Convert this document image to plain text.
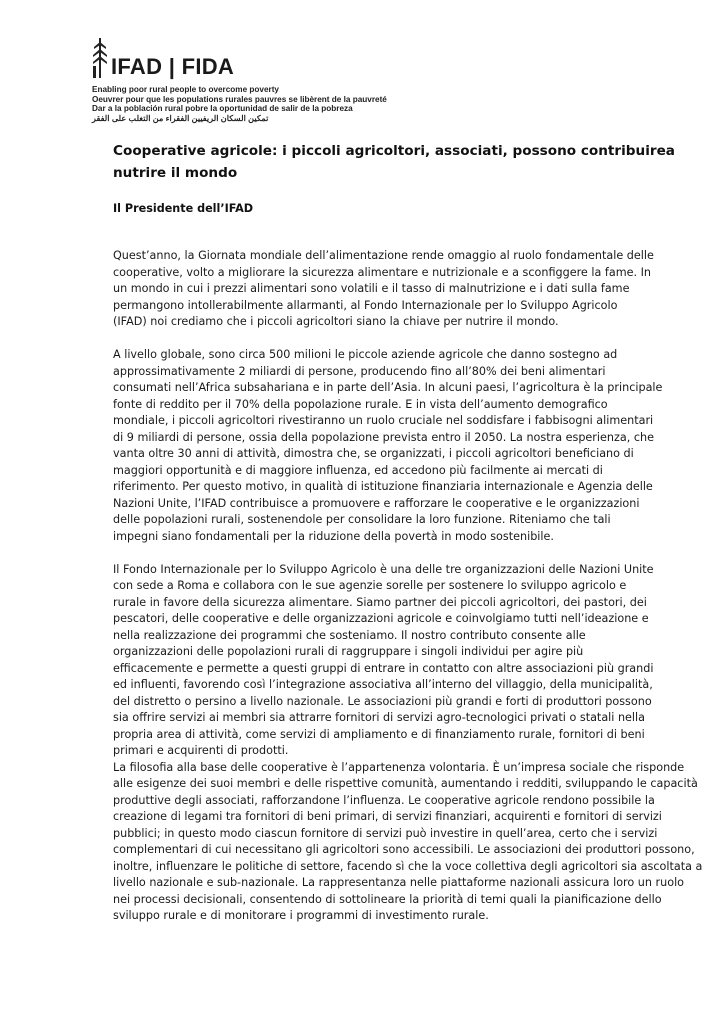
IFAD | FIDA
Enabling poor rural people to overcome poverty
Oeuvrer pour que les populations rurales pauvres se libèrent de la pauvreté
Dar a la población rural pobre la oportunidad de salir de la pobreza
تمكين السكان الريفيين الفقراء من التغلب على الفقر
Cooperative agricole: i piccoli agricoltori, associati, possono contribuirea
nutrire il mondo
Il Presidente dell’IFAD

Quest’anno, la Giornata mondiale dell’alimentazione rende omaggio al ruolo fondamentale delle
cooperative, volto a migliorare la sicurezza alimentare e nutrizionale e a sconfiggere la fame. In
un mondo in cui i prezzi alimentari sono volatili e il tasso di malnutrizione e i dati sulla fame
permangono intollerabilmente allarmanti, al Fondo Internazionale per lo Sviluppo Agricolo
(IFAD) noi crediamo che i piccoli agricoltori siano la chiave per nutrire il mondo.

A livello globale, sono circa 500 milioni le piccole aziende agricole che danno sostegno ad
approssimativamente 2 miliardi di persone, producendo fino all’80% dei beni alimentari
consumati nell’Africa subsahariana e in parte dell’Asia. In alcuni paesi, l’agricoltura è la principale
fonte di reddito per il 70% della popolazione rurale. E in vista dell’aumento demografico
mondiale, i piccoli agricoltori rivestiranno un ruolo cruciale nel soddisfare i fabbisogni alimentari
di 9 miliardi di persone, ossia della popolazione prevista entro il 2050. La nostra esperienza, che
vanta oltre 30 anni di attività, dimostra che, se organizzati, i piccoli agricoltori beneficiano di
maggiori opportunità e di maggiore influenza, ed accedono più facilmente ai mercati di
riferimento. Per questo motivo, in qualità di istituzione finanziaria internazionale e Agenzia delle
Nazioni Unite, l’IFAD contribuisce a promuovere e rafforzare le cooperative e le organizzazioni
delle popolazioni rurali, sostenendole per consolidare la loro funzione. Riteniamo che tali
impegni siano fondamentali per la riduzione della povertà in modo sostenibile.

Il Fondo Internazionale per lo Sviluppo Agricolo è una delle tre organizzazioni delle Nazioni Unite
con sede a Roma e collabora con le sue agenzie sorelle per sostenere lo sviluppo agricolo e
rurale in favore della sicurezza alimentare. Siamo partner dei piccoli agricoltori, dei pastori, dei
pescatori, delle cooperative e delle organizzazioni agricole e coinvolgiamo tutti nell’ideazione e
nella realizzazione dei programmi che sosteniamo. Il nostro contributo consente alle
organizzazioni delle popolazioni rurali di raggruppare i singoli individui per agire più
efficacemente e permette a questi gruppi di entrare in contatto con altre associazioni più grandi
ed influenti, favorendo così l’integrazione associativa all’interno del villaggio, della municipalità,
del distretto o persino a livello nazionale. Le associazioni più grandi e forti di produttori possono
sia offrire servizi ai membri sia attrarre fornitori di servizi agro-tecnologici privati o statali nella
propria area di attività, come servizi di ampliamento e di finanziamento rurale, fornitori di beni
primari e acquirenti di prodotti.

La filosofia alla base delle cooperative è l’appartenenza volontaria. È un’impresa sociale che risponde
alle esigenze dei suoi membri e delle rispettive comunità, aumentando i redditi, sviluppando le capacità
produttive degli associati, rafforzandone l’influenza. Le cooperative agricole rendono possibile la
creazione di legami tra fornitori di beni primari, di servizi finanziari, acquirenti e fornitori di servizi
pubblici; in questo modo ciascun fornitore di servizi può investire in quell’area, certo che i servizi
complementari di cui necessitano gli agricoltori sono accessibili. Le associazioni dei produttori possono,
inoltre, influenzare le politiche di settore, facendo sì che la voce collettiva degli agricoltori sia ascoltata a
livello nazionale e sub-nazionale. La rappresentanza nelle piattaforme nazionali assicura loro un ruolo
nei processi decisionali, consentendo di sottolineare la priorità di temi quali la pianificazione dello
sviluppo rurale e di monitorare i programmi di investimento rurale.
